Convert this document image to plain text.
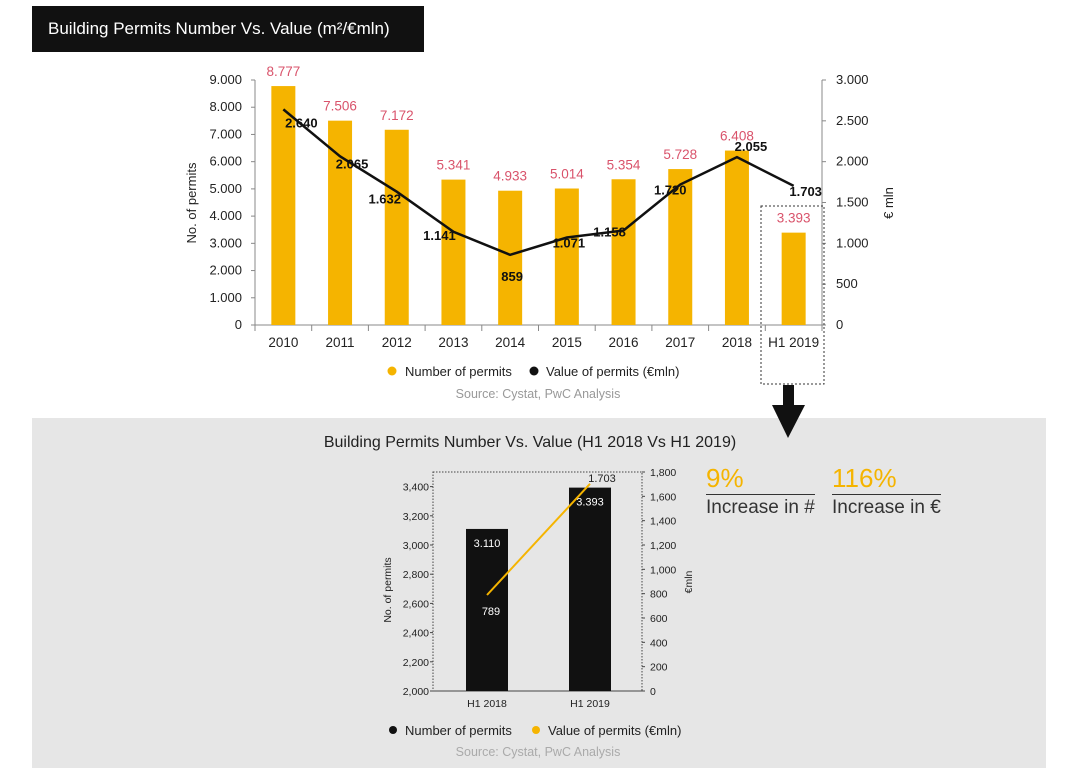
Building Permits Number Vs. Value (m²/€mln)
0
1.000
2.000
3.000
4.000
5.000
6.000
7.000
8.000
9.000
0
500
1.000
1.500
2.000
2.500
3.000
2010 2011 2012 2013 2014 2015 2016 2017 2018 H1 2019
No. of permits	€ mln
8.777
7.506
7.172
5.341
4.933 5.014
5.354
5.728
6.408
3.393
2.640
2.065
1.632
1.141
859
1.071
1.158
1.720
2.055
1.703
Number of permits	Value of permits (€mln)
Source: Cystat, PwC Analysis
Building Permits Number Vs. Value (H1 2018 Vs H1 2019)
2,000
2,200
2,400
2,600
2,800
3,000
3,200
3,400
0
200
400
600
800
1,000
1,200
1,400
1,600
1,800
No. of permits	€mln
3.110
3.393
H1 2018	H1 2019
789
1.703
Number of permits	Value of permits (€mln)
Source: Cystat, PwC Analysis
9%
Increase in #
116%
Increase in €
